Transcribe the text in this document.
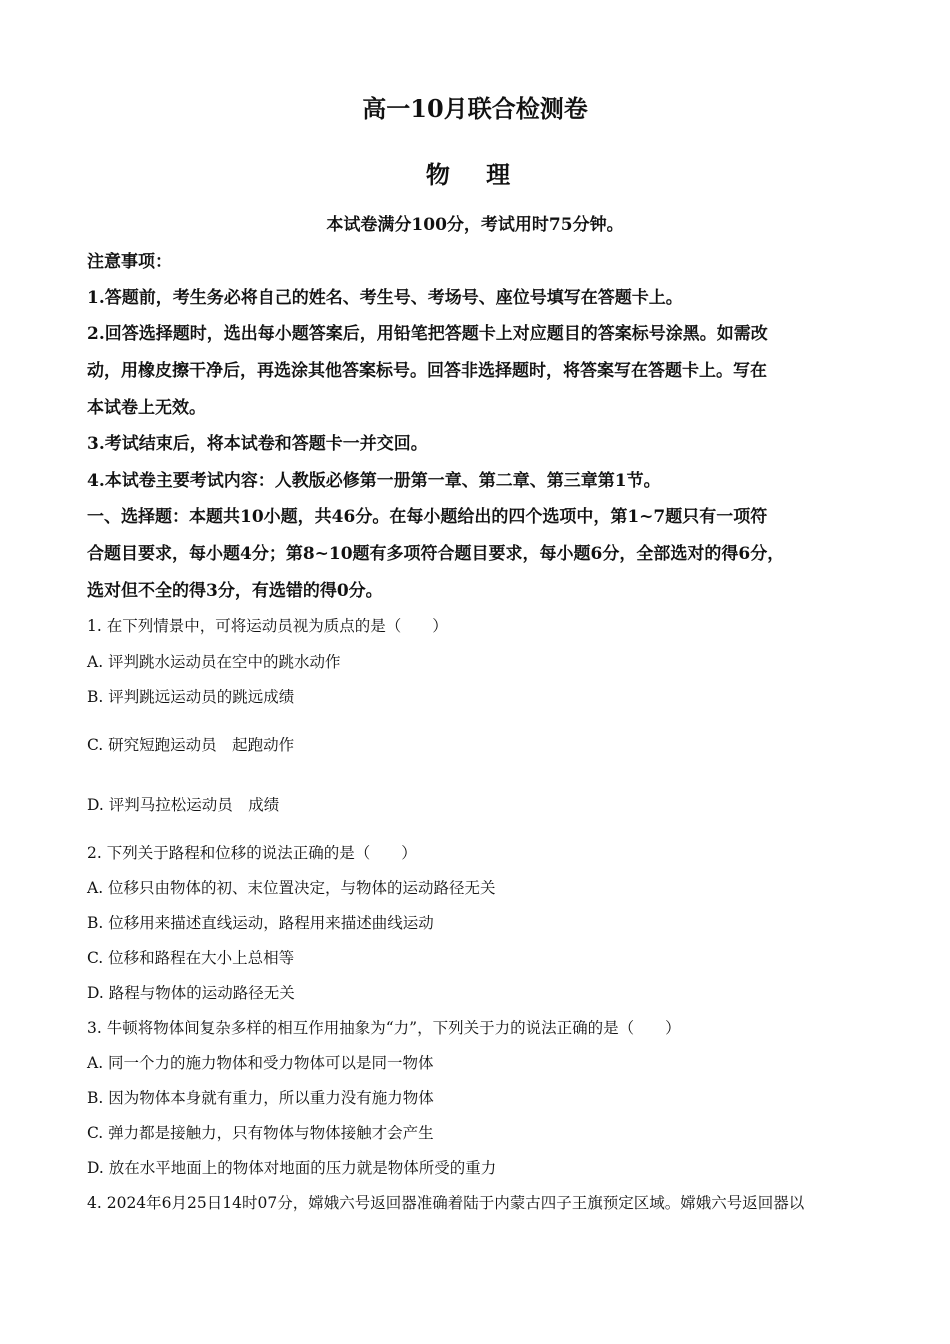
高一10月联合检测卷
物 理
本试卷满分100分，考试用时75分钟。
注意事项：
1.答题前，考生务必将自己的姓名、考生号、考场号、座位号填写在答题卡上。
2.回答选择题时，选出每小题答案后，用铅笔把答题卡上对应题目的答案标号涂黑。如需改
动，用橡皮擦干净后，再选涂其他答案标号。回答非选择题时，将答案写在答题卡上。写在
本试卷上无效。
3.考试结束后，将本试卷和答题卡一并交回。
4.本试卷主要考试内容：人教版必修第一册第一章、第二章、第三章第1节。
一、选择题：本题共10小题，共46分。在每小题给出的四个选项中，第1~7题只有一项符
合题目要求，每小题4分；第8~10题有多项符合题目要求，每小题6分，全部选对的得6分，
选对但不全的得3分，有选错的得0分。
1. 在下列情景中，可将运动员视为质点的是（　　）
A. 评判跳水运动员在空中的跳水动作
B. 评判跳远运动员的跳远成绩
C. 研究短跑运动员　起跑动作
D. 评判马拉松运动员　成绩
2. 下列关于路程和位移的说法正确的是（　　）
A. 位移只由物体的初、末位置决定，与物体的运动路径无关
B. 位移用来描述直线运动，路程用来描述曲线运动
C. 位移和路程在大小上总相等
D. 路程与物体的运动路径无关
3. 牛顿将物体间复杂多样的相互作用抽象为“力”，下列关于力的说法正确的是（　　）
A. 同一个力的施力物体和受力物体可以是同一物体
B. 因为物体本身就有重力，所以重力没有施力物体
C. 弹力都是接触力，只有物体与物体接触才会产生
D. 放在水平地面上的物体对地面的压力就是物体所受的重力
4. 2024年6月25日14时07分，嫦娥六号返回器准确着陆于内蒙古四子王旗预定区域。嫦娥六号返回器以
